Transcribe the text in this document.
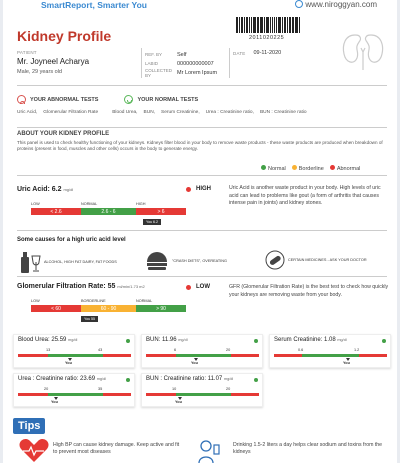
SmartReport, Smarter You	www.niroggyan.com
Kidney Profile	2011020225
PATIENT
Mr. Joyneel Acharya
Male, 29 years old
REF. BY	Self
LABID	000000000007
COLLECTED BY	Mr Lorem Ipsum
DATE 09-11-2020
YOUR ABNORMAL TESTS	YOUR NORMAL TESTS
Uric Acid, Glomerular Filtration Rate	Blood Urea, BUN, Serum Creatinine, Urea : Creatinine ratio, BUN : Creatinine ratio
ABOUT YOUR KIDNEY PROFILE

This panel is used to check healthy functioning of your kidneys. Kidneys filter blood in your body to remove waste products - these waste products are produced when breakdown of proteins (present in food, muscles and other cells) occurs in the body to generate energy.

Normal	Borderline	Abnormal
Uric Acid: 6.2 mg/dl	HIGH	Uric Acid is another waste product in your body. High levels of uric acid can lead to problems like gout (a form of arthritis that causes intense pain in joints) and kidney stones.
LOW	NORMAL	HIGH
< 2.6	2.6 - 6	> 6
You 6.2
Some causes for a high uric acid level
ALCOHOL, HIGH FAT DAIRY, FAT FOODS	"CRASH DIETS", OVEREATING	CERTAIN MEDICINES - ASK YOUR DOCTOR
Glomerular Filtration Rate: 55 ml/min/1.73 m2	LOW	GFR (Glomerular Filtration Rate) is the best test to check how quickly your kidneys are removing waste from your body.
LOW	BORDERLINE	NORMAL
< 60	60 - 90	> 90
You 55
Blood Urea: 25.59 mg/dl
13	43
You
BUN: 11.96 mg/dl
6	20
You
Serum Creatinine: 1.08 mg/dl
0.6	1.2
You
Urea : Creatinine ratio: 23.69 mg/dl
20	35
You
BUN : Creatinine ratio: 11.07 mg/dl
10	20
You
Tips
High BP can cause kidney damage. Keep active and fit to prevent most diseases
Drinking 1.5-2 liters a day helps clear sodium and toxins from the kidneys
